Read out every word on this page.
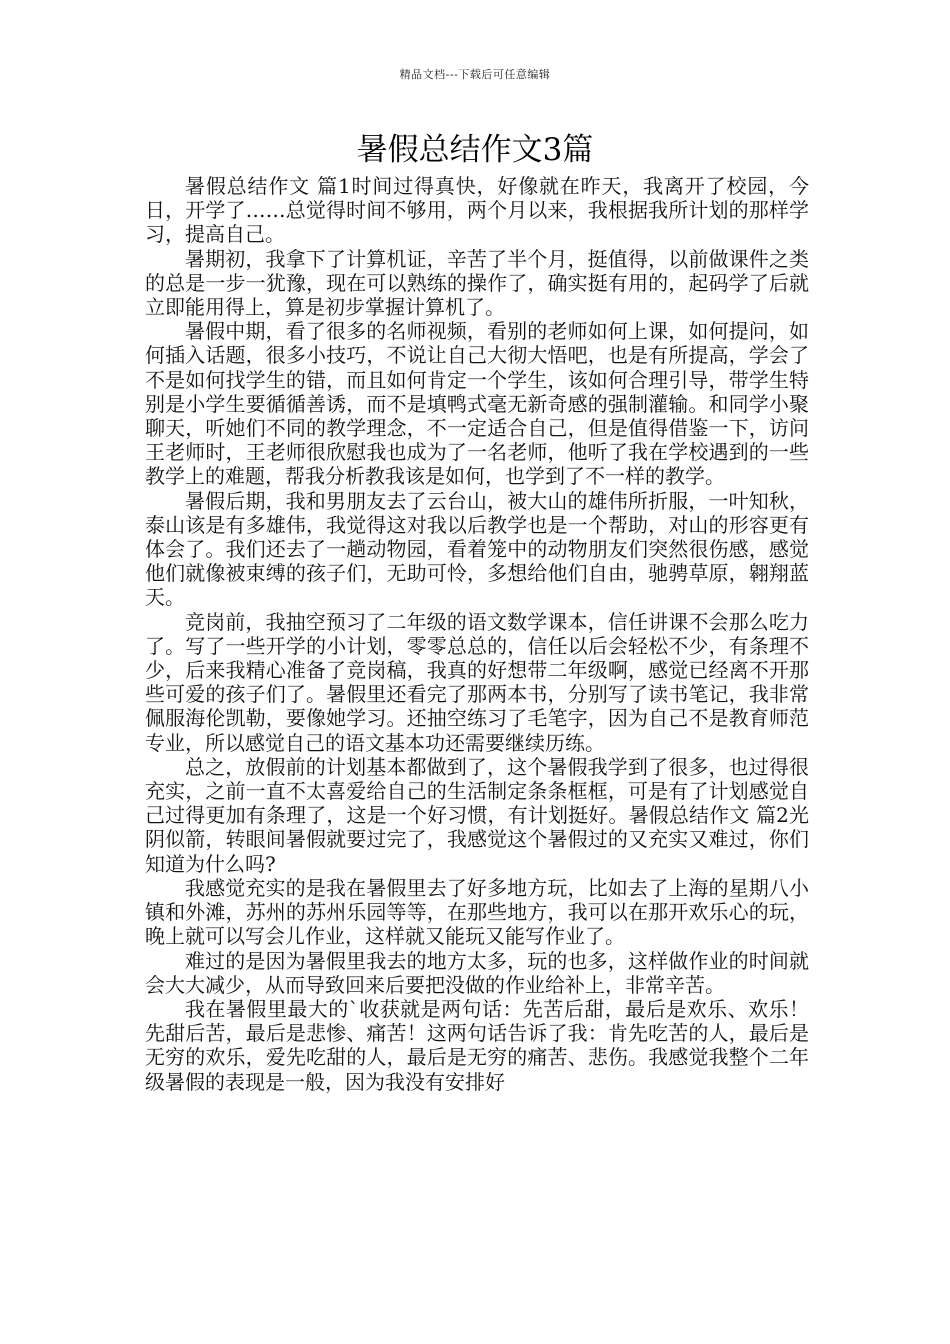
精品文档---下载后可任意编辑
暑假总结作文3篇

暑假总结作文 篇1时间过得真快，好像就在昨天，我离开了校园，今日，开学了……总觉得时间不够用，两个月以来，我根据我所计划的那样学习，提高自己。

暑期初，我拿下了计算机证，辛苦了半个月，挺值得，以前做课件之类的总是一步一犹豫，现在可以熟练的操作了，确实挺有用的，起码学了后就立即能用得上，算是初步掌握计算机了。

暑假中期，看了很多的名师视频，看别的老师如何上课，如何提问，如何插入话题，很多小技巧，不说让自己大彻大悟吧，也是有所提高，学会了不是如何找学生的错，而且如何肯定一个学生，该如何合理引导，带学生特别是小学生要循循善诱，而不是填鸭式毫无新奇感的强制灌输。和同学小聚聊天，听她们不同的教学理念，不一定适合自己，但是值得借鉴一下，访问王老师时，王老师很欣慰我也成为了一名老师，他听了我在学校遇到的一些教学上的难题，帮我分析教我该是如何，也学到了不一样的教学。

暑假后期，我和男朋友去了云台山，被大山的雄伟所折服，一叶知秋，泰山该是有多雄伟，我觉得这对我以后教学也是一个帮助，对山的形容更有体会了。我们还去了一趟动物园，看着笼中的动物朋友们突然很伤感，感觉他们就像被束缚的孩子们，无助可怜，多想给他们自由，驰骋草原，翱翔蓝天。

竞岗前，我抽空预习了二年级的语文数学课本，信任讲课不会那么吃力了。写了一些开学的小计划，零零总总的，信任以后会轻松不少，有条理不少，后来我精心准备了竞岗稿，我真的好想带二年级啊，感觉已经离不开那些可爱的孩子们了。暑假里还看完了那两本书，分别写了读书笔记，我非常佩服海伦凯勒，要像她学习。还抽空练习了毛笔字，因为自己不是教育师范专业，所以感觉自己的语文基本功还需要继续历练。

总之，放假前的计划基本都做到了，这个暑假我学到了很多，也过得很充实，之前一直不太喜爱给自己的生活制定条条框框，可是有了计划感觉自己过得更加有条理了，这是一个好习惯，有计划挺好。暑假总结作文 篇2光阴似箭，转眼间暑假就要过完了，我感觉这个暑假过的又充实又难过，你们知道为什么吗?

我感觉充实的是我在暑假里去了好多地方玩，比如去了上海的星期八小镇和外滩，苏州的苏州乐园等等，在那些地方，我可以在那开欢乐心的玩，晚上就可以写会儿作业，这样就又能玩又能写作业了。

难过的是因为暑假里我去的地方太多，玩的也多，这样做作业的时间就会大大减少，从而导致回来后要把没做的作业给补上，非常辛苦。

我在暑假里最大的`收获就是两句话：先苦后甜，最后是欢乐、欢乐！先甜后苦，最后是悲惨、痛苦！这两句话告诉了我：肯先吃苦的人，最后是无穷的欢乐，爱先吃甜的人，最后是无穷的痛苦、悲伤。我感觉我整个二年级暑假的表现是一般，因为我没有安排好
